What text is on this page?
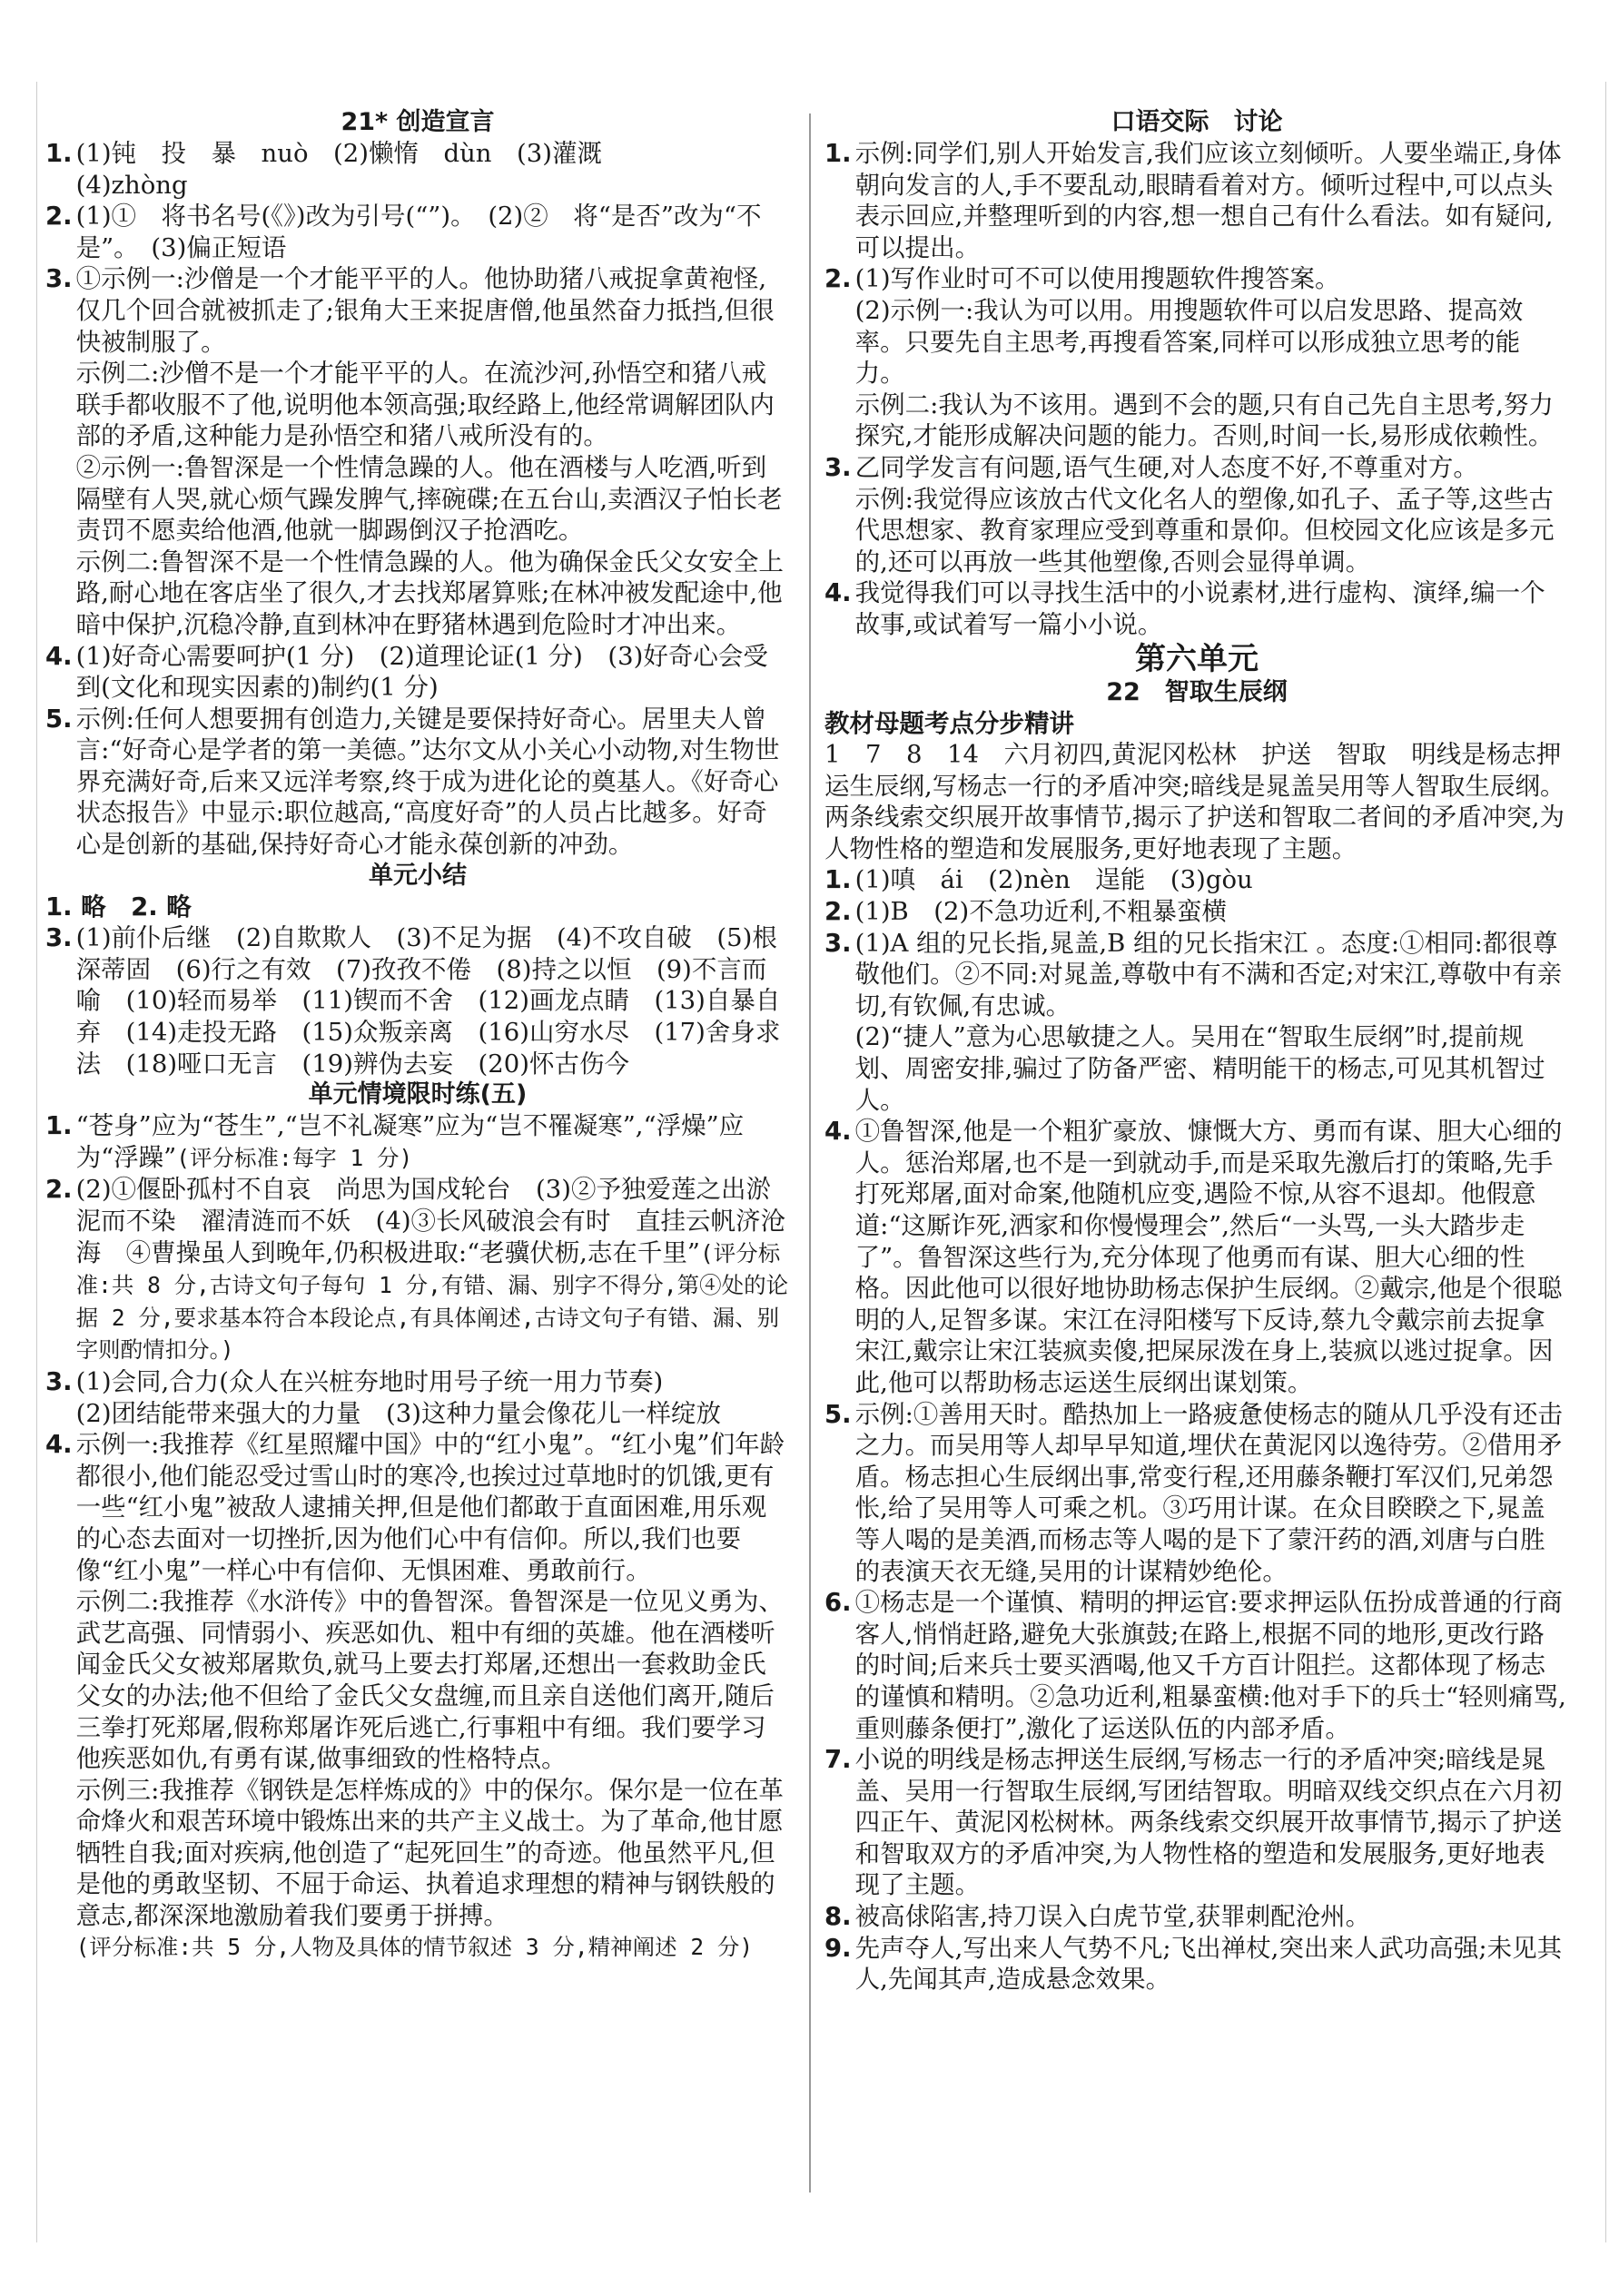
21* 创造宣言
1. (1)钝　投　暴　nuò　(2)懒惰　dùn　(3)灌溉

(4)zhòng

2. (1)①　将书名号(《》)改为引号(“”)。　(2)②　将“是否”改为“不是”。　(3)偏正短语

3. ①示例一:沙僧是一个才能平平的人。他协助猪八戒捉拿黄袍怪,仅几个回合就被抓走了;银角大王来捉唐僧,他虽然奋力抵挡,但很快被制服了。

示例二:沙僧不是一个才能平平的人。在流沙河,孙悟空和猪八戒联手都收服不了他,说明他本领高强;取经路上,他经常调解团队内部的矛盾,这种能力是孙悟空和猪八戒所没有的。

②示例一:鲁智深是一个性情急躁的人。他在酒楼与人吃酒,听到隔壁有人哭,就心烦气躁发脾气,摔碗碟;在五台山,卖酒汉子怕长老责罚不愿卖给他酒,他就一脚踢倒汉子抢酒吃。

示例二:鲁智深不是一个性情急躁的人。他为确保金氏父女安全上路,耐心地在客店坐了很久,才去找郑屠算账;在林冲被发配途中,他暗中保护,沉稳冷静,直到林冲在野猪林遇到危险时才冲出来。

4. (1)好奇心需要呵护(1 分)　(2)道理论证(1 分)　(3)好奇心会受到(文化和现实因素的)制约(1 分)

5. 示例:任何人想要拥有创造力,关键是要保持好奇心。居里夫人曾言:“好奇心是学者的第一美德。”达尔文从小关心小动物,对生物世界充满好奇,后来又远洋考察,终于成为进化论的奠基人。《好奇心状态报告》中显示:职位越高,“高度好奇”的人员占比越多。好奇心是创新的基础,保持好奇心才能永葆创新的冲劲。

单元小结

1. 略　2. 略

3. (1)前仆后继　(2)自欺欺人　(3)不足为据　(4)不攻自破　(5)根深蒂固　(6)行之有效　(7)孜孜不倦　(8)持之以恒　(9)不言而喻　(10)轻而易举　(11)锲而不舍　(12)画龙点睛　(13)自暴自弃　(14)走投无路　(15)众叛亲离　(16)山穷水尽　(17)舍身求法　(18)哑口无言　(19)辨伪去妄　(20)怀古伤今

单元情境限时练(五)
1. “苍身”应为“苍生”,“岂不礼凝寒”应为“岂不罹凝寒”,“浮燥”应为“浮躁”(评分标准:每字 1 分)

2. (2)①偃卧孤村不自哀　尚思为国戍轮台　(3)②予独爱莲之出淤泥而不染　濯清涟而不妖　(4)③长风破浪会有时　直挂云帆济沧海　④曹操虽人到晚年,仍积极进取:“老骥伏枥,志在千里”(评分标准:共 8 分,古诗文句子每句 1 分,有错、漏、别字不得分,第④处的论据 2 分,要求基本符合本段论点,有具体阐述,古诗文句子有错、漏、别字则酌情扣分。)

3. (1)会同,合力(众人在兴桩夯地时用号子统一用力节奏)

(2)团结能带来强大的力量　(3)这种力量会像花儿一样绽放

4. 示例一:我推荐《红星照耀中国》中的“红小鬼”。“红小鬼”们年龄都很小,他们能忍受过雪山时的寒冷,也挨过过草地时的饥饿,更有一些“红小鬼”被敌人逮捕关押,但是他们都敢于直面困难,用乐观的心态去面对一切挫折,因为他们心中有信仰。所以,我们也要像“红小鬼”一样心中有信仰、无惧困难、勇敢前行。

示例二:我推荐《水浒传》中的鲁智深。鲁智深是一位见义勇为、武艺高强、同情弱小、疾恶如仇、粗中有细的英雄。他在酒楼听闻金氏父女被郑屠欺负,就马上要去打郑屠,还想出一套救助金氏父女的办法;他不但给了金氏父女盘缠,而且亲自送他们离开,随后三拳打死郑屠,假称郑屠诈死后逃亡,行事粗中有细。我们要学习他疾恶如仇,有勇有谋,做事细致的性格特点。

示例三:我推荐《钢铁是怎样炼成的》中的保尔。保尔是一位在革命烽火和艰苦环境中锻炼出来的共产主义战士。为了革命,他甘愿牺牲自我;面对疾病,他创造了“起死回生”的奇迹。他虽然平凡,但是他的勇敢坚韧、不屈于命运、执着追求理想的精神与钢铁般的意志,都深深地激励着我们要勇于拼搏。

(评分标准:共 5 分,人物及具体的情节叙述 3 分,精神阐述 2 分)

口语交际　讨论
1. 示例:同学们,别人开始发言,我们应该立刻倾听。人要坐端正,身体朝向发言的人,手不要乱动,眼睛看着对方。倾听过程中,可以点头表示回应,并整理听到的内容,想一想自己有什么看法。如有疑问,可以提出。

2. (1)写作业时可不可以使用搜题软件搜答案。

(2)示例一:我认为可以用。用搜题软件可以启发思路、提高效率。只要先自主思考,再搜看答案,同样可以形成独立思考的能力。

示例二:我认为不该用。遇到不会的题,只有自己先自主思考,努力探究,才能形成解决问题的能力。否则,时间一长,易形成依赖性。

3. 乙同学发言有问题,语气生硬,对人态度不好,不尊重对方。

示例:我觉得应该放古代文化名人的塑像,如孔子、孟子等,这些古代思想家、教育家理应受到尊重和景仰。但校园文化应该是多元的,还可以再放一些其他塑像,否则会显得单调。

4. 我觉得我们可以寻找生活中的小说素材,进行虚构、演绎,编一个故事,或试着写一篇小小说。

第六单元
22　智取生辰纲

教材母题考点分步精讲

1　7　8　14　六月初四,黄泥冈松林　护送　智取　明线是杨志押运生辰纲,写杨志一行的矛盾冲突;暗线是晁盖吴用等人智取生辰纲。两条线索交织展开故事情节,揭示了护送和智取二者间的矛盾冲突,为人物性格的塑造和发展服务,更好地表现了主题。

1. (1)嗔　ái　(2)nèn　逞能　(3)gòu

2. (1)B　(2)不急功近利,不粗暴蛮横

3. (1)A 组的兄长指,晁盖,B 组的兄长指宋江 。态度:①相同:都很尊敬他们。②不同:对晁盖,尊敬中有不满和否定;对宋江,尊敬中有亲切,有钦佩,有忠诚。

(2)“捷人”意为心思敏捷之人。吴用在“智取生辰纲”时,提前规划、周密安排,骗过了防备严密、精明能干的杨志,可见其机智过人。

4. ①鲁智深,他是一个粗犷豪放、慷慨大方、勇而有谋、胆大心细的人。惩治郑屠,也不是一到就动手,而是采取先激后打的策略,先手打死郑屠,面对命案,他随机应变,遇险不惊,从容不退却。他假意道:“这厮诈死,洒家和你慢慢理会”,然后“一头骂,一头大踏步走了”。鲁智深这些行为,充分体现了他勇而有谋、胆大心细的性格。因此他可以很好地协助杨志保护生辰纲。②戴宗,他是个很聪明的人,足智多谋。宋江在浔阳楼写下反诗,蔡九令戴宗前去捉拿宋江,戴宗让宋江装疯卖傻,把屎尿泼在身上,装疯以逃过捉拿。因此,他可以帮助杨志运送生辰纲出谋划策。

5. 示例:①善用天时。酷热加上一路疲惫使杨志的随从几乎没有还击之力。而吴用等人却早早知道,埋伏在黄泥冈以逸待劳。②借用矛盾。杨志担心生辰纲出事,常变行程,还用藤条鞭打军汉们,兄弟怨怅,给了吴用等人可乘之机。③巧用计谋。在众目睽睽之下,晁盖等人喝的是美酒,而杨志等人喝的是下了蒙汗药的酒,刘唐与白胜的表演天衣无缝,吴用的计谋精妙绝伦。

6. ①杨志是一个谨慎、精明的押运官:要求押运队伍扮成普通的行商客人,悄悄赶路,避免大张旗鼓;在路上,根据不同的地形,更改行路的时间;后来兵士要买酒喝,他又千方百计阻拦。这都体现了杨志的谨慎和精明。②急功近利,粗暴蛮横:他对手下的兵士“轻则痛骂,重则藤条便打”,激化了运送队伍的内部矛盾。

7. 小说的明线是杨志押送生辰纲,写杨志一行的矛盾冲突;暗线是晁盖、吴用一行智取生辰纲,写团结智取。明暗双线交织点在六月初四正午、黄泥冈松树林。两条线索交织展开故事情节,揭示了护送和智取双方的矛盾冲突,为人物性格的塑造和发展服务,更好地表现了主题。

8. 被高俅陷害,持刀误入白虎节堂,获罪刺配沧州。

9. 先声夺人,写出来人气势不凡;飞出禅杖,突出来人武功高强;未见其人,先闻其声,造成悬念效果。
